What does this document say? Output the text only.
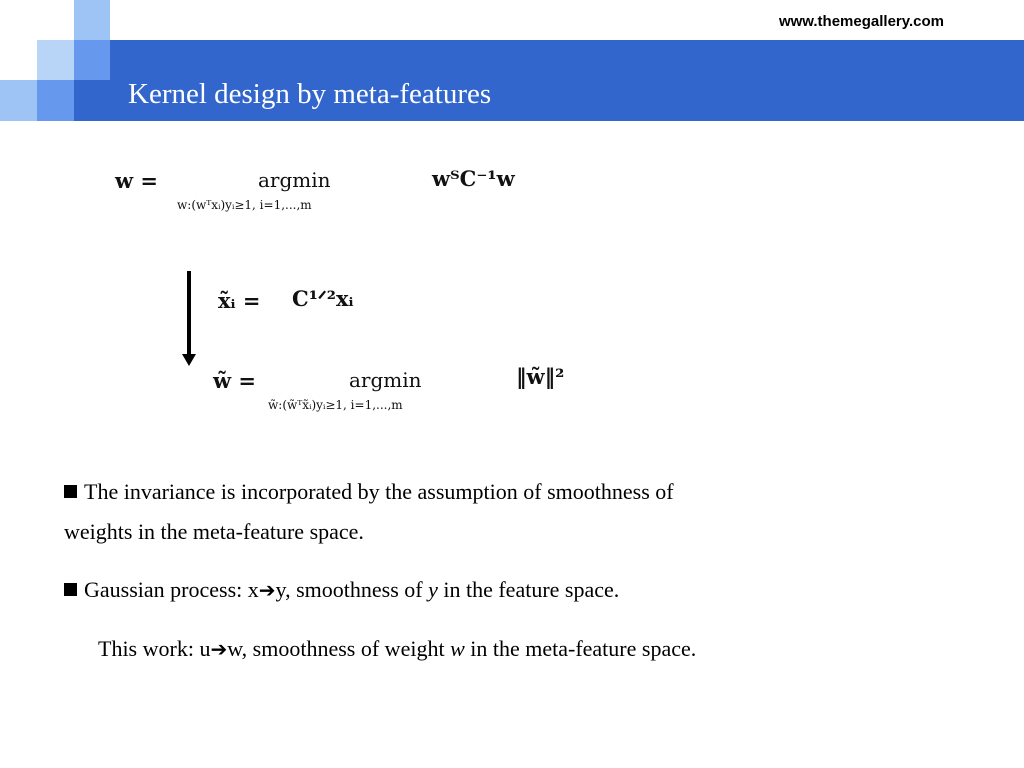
www.themegallery.com
Kernel design by meta-features
w =	argmin
w:(wᵀxᵢ)yᵢ≥1, i=1,...,m
wᵀC⁻¹w
x̃ᵢ = C¹ᐟ²xᵢ
w̃ =	argmin
w̃:(w̃ᵀx̃ᵢ)yᵢ≥1, i=1,...,m
‖w̃‖²
The invariance is incorporated by the assumption of smoothness of
weights in the meta-feature space.
Gaussian process: x➔y, smoothness of y in the feature space.
This work: u➔w, smoothness of weight w in the meta-feature space.
